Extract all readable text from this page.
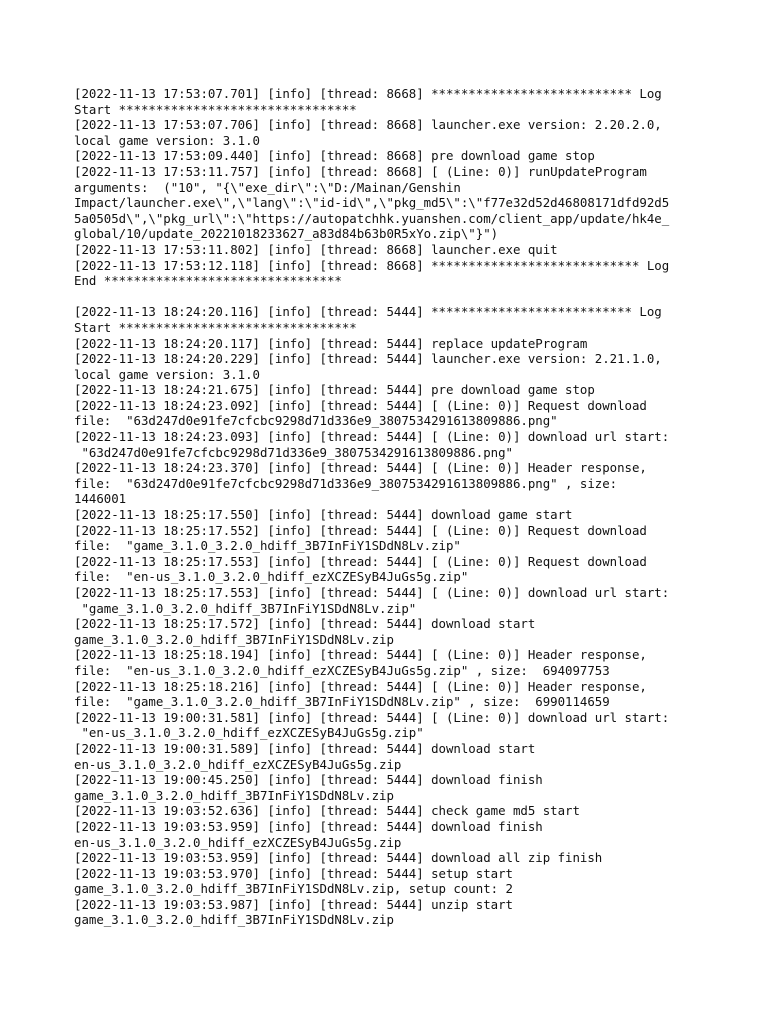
[2022-11-13 17:53:07.701] [info] [thread: 8668] *************************** Log
Start ********************************
[2022-11-13 17:53:07.706] [info] [thread: 8668] launcher.exe version: 2.20.2.0,
local game version: 3.1.0
[2022-11-13 17:53:09.440] [info] [thread: 8668] pre download game stop
[2022-11-13 17:53:11.757] [info] [thread: 8668] [ (Line: 0)] runUpdateProgram
arguments:  ("10", "{\"exe_dir\":\"D:/Mainan/Genshin
Impact/launcher.exe\",\"lang\":\"id-id\",\"pkg_md5\":\"f77e32d52d46808171dfd92d5
5a0505d\",\"pkg_url\":\"https://autopatchhk.yuanshen.com/client_app/update/hk4e_
global/10/update_20221018233627_a83d84b63b0R5xYo.zip\"}")
[2022-11-13 17:53:11.802] [info] [thread: 8668] launcher.exe quit
[2022-11-13 17:53:12.118] [info] [thread: 8668] **************************** Log
End ********************************
[2022-11-13 18:24:20.116] [info] [thread: 5444] *************************** Log
Start ********************************
[2022-11-13 18:24:20.117] [info] [thread: 5444] replace updateProgram
[2022-11-13 18:24:20.229] [info] [thread: 5444] launcher.exe version: 2.21.1.0,
local game version: 3.1.0
[2022-11-13 18:24:21.675] [info] [thread: 5444] pre download game stop
[2022-11-13 18:24:23.092] [info] [thread: 5444] [ (Line: 0)] Request download
file:  "63d247d0e91fe7cfcbc9298d71d336e9_3807534291613809886.png"
[2022-11-13 18:24:23.093] [info] [thread: 5444] [ (Line: 0)] download url start:
"63d247d0e91fe7cfcbc9298d71d336e9_3807534291613809886.png"
[2022-11-13 18:24:23.370] [info] [thread: 5444] [ (Line: 0)] Header response,
file:  "63d247d0e91fe7cfcbc9298d71d336e9_3807534291613809886.png" , size:
1446001
[2022-11-13 18:25:17.550] [info] [thread: 5444] download game start
[2022-11-13 18:25:17.552] [info] [thread: 5444] [ (Line: 0)] Request download
file:  "game_3.1.0_3.2.0_hdiff_3B7InFiY1SDdN8Lv.zip"
[2022-11-13 18:25:17.553] [info] [thread: 5444] [ (Line: 0)] Request download
file:  "en-us_3.1.0_3.2.0_hdiff_ezXCZESyB4JuGs5g.zip"
[2022-11-13 18:25:17.553] [info] [thread: 5444] [ (Line: 0)] download url start:
"game_3.1.0_3.2.0_hdiff_3B7InFiY1SDdN8Lv.zip"
[2022-11-13 18:25:17.572] [info] [thread: 5444] download start
game_3.1.0_3.2.0_hdiff_3B7InFiY1SDdN8Lv.zip
[2022-11-13 18:25:18.194] [info] [thread: 5444] [ (Line: 0)] Header response,
file:  "en-us_3.1.0_3.2.0_hdiff_ezXCZESyB4JuGs5g.zip" , size:  694097753
[2022-11-13 18:25:18.216] [info] [thread: 5444] [ (Line: 0)] Header response,
file:  "game_3.1.0_3.2.0_hdiff_3B7InFiY1SDdN8Lv.zip" , size:  6990114659
[2022-11-13 19:00:31.581] [info] [thread: 5444] [ (Line: 0)] download url start:
"en-us_3.1.0_3.2.0_hdiff_ezXCZESyB4JuGs5g.zip"
[2022-11-13 19:00:31.589] [info] [thread: 5444] download start
en-us_3.1.0_3.2.0_hdiff_ezXCZESyB4JuGs5g.zip
[2022-11-13 19:00:45.250] [info] [thread: 5444] download finish
game_3.1.0_3.2.0_hdiff_3B7InFiY1SDdN8Lv.zip
[2022-11-13 19:03:52.636] [info] [thread: 5444] check game md5 start
[2022-11-13 19:03:53.959] [info] [thread: 5444] download finish
en-us_3.1.0_3.2.0_hdiff_ezXCZESyB4JuGs5g.zip
[2022-11-13 19:03:53.959] [info] [thread: 5444] download all zip finish
[2022-11-13 19:03:53.970] [info] [thread: 5444] setup start
game_3.1.0_3.2.0_hdiff_3B7InFiY1SDdN8Lv.zip, setup count: 2
[2022-11-13 19:03:53.987] [info] [thread: 5444] unzip start
game_3.1.0_3.2.0_hdiff_3B7InFiY1SDdN8Lv.zip
